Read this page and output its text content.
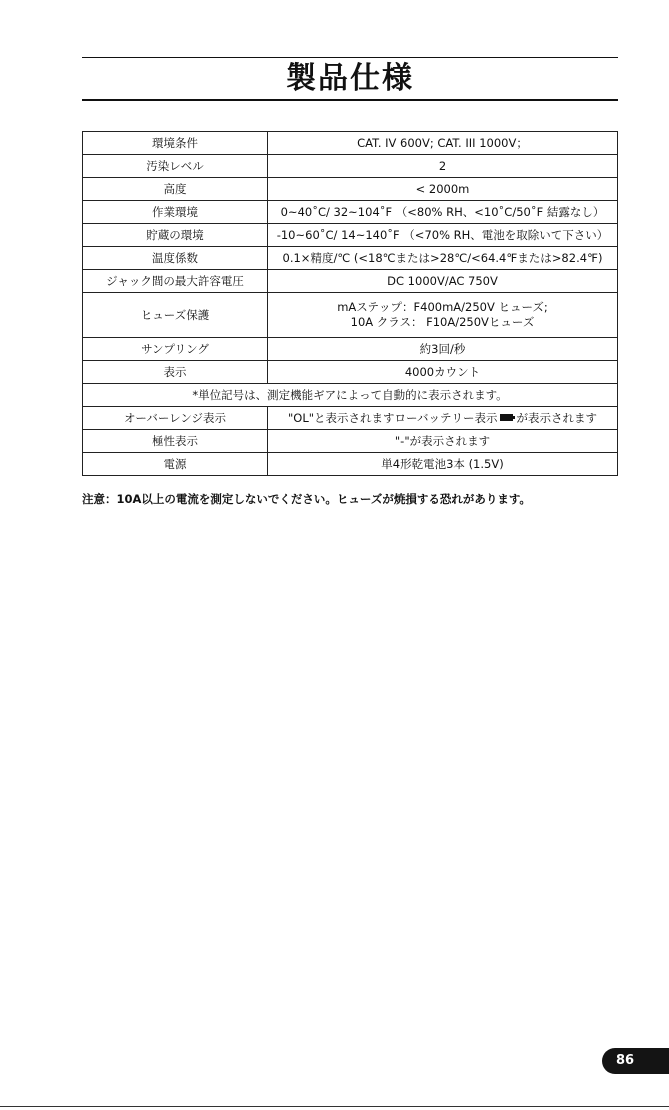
製品仕様
環境条件	CAT. IV 600V; CAT. III 1000V；
汚染レベル	2
高度	< 2000m
作業環境	0~40˚C/ 32~104˚F （<80% RH、<10˚C/50˚F 結露なし）
貯蔵の環境	-10~60˚C/ 14~140˚F （<70% RH、電池を取除いて下さい）
温度係数	0.1×精度/℃ (<18℃または>28℃/<64.4℉または>82.4℉)
ジャック間の最大許容電圧	DC 1000V/AC 750V
ヒューズ保護	mAステップ：F400mA/250V ヒューズ;
10A クラス： F10A/250Vヒューズ

サンプリング	約3回/秒
表示	4000カウント
*単位記号は、測定機能ギアによって自動的に表示されます。	
オーバーレンジ表示	"OL"と表示されますローバッテリー表示 が表示されます
極性表示	"-"が表示されます
電源	単4形乾電池3本 (1.5V)
注意：10A以上の電流を測定しないでください。ヒューズが焼損する恐れがあります。
86
